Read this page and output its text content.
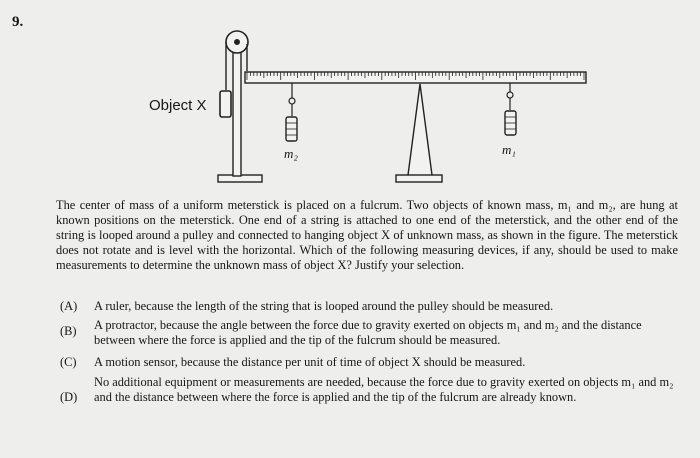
9.
Object X
m₂	m₁
The center of mass of a uniform meterstick is placed on a fulcrum. Two objects of known mass, m₁ and m₂, are hung at known positions on the meterstick. One end of a string is attached to one end of the meterstick, and the other end of the string is looped around a pulley and connected to hanging object X of unknown mass, as shown in the figure. The meterstick does not rotate and is level with the horizontal. Which of the following measuring devices, if any, should be used to make measurements to determine the unknown mass of object X? Justify your selection.
(A)	A ruler, because the length of the string that is looped around the pulley should be measured.
(B)	A protractor, because the angle between the force due to gravity exerted on objects m₁ and m₂ and the distance between where the force is applied and the tip of the fulcrum should be measured.
(C)	A motion sensor, because the distance per unit of time of object X should be measured.
(D)
No additional equipment or measurements are needed, because the force due to gravity exerted on objects m₁ and m₂ and the distance between where the force is applied and the tip of the fulcrum are already known.
